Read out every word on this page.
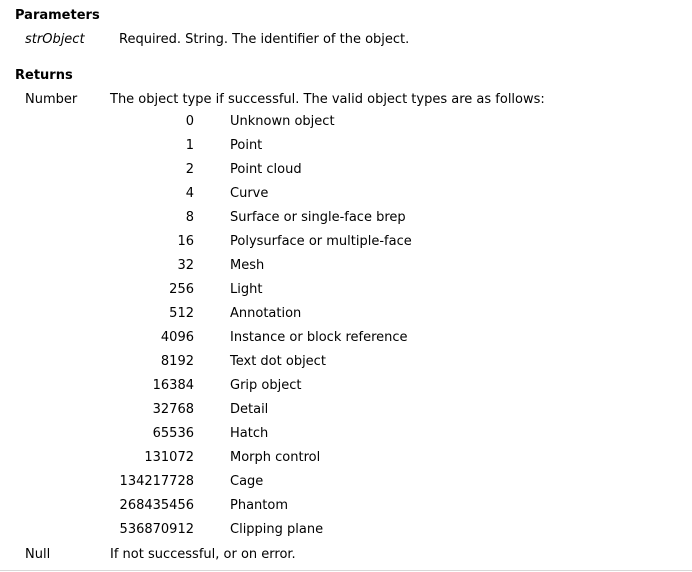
Parameters
strObject	Required. String. The identifier of the object.
Returns
Number	The object type if successful. The valid object types are as follows:
0	Unknown object
1	Point
2	Point cloud
4	Curve
8	Surface or single-face brep
16	Polysurface or multiple-face
32	Mesh
256	Light
512	Annotation
4096	Instance or block reference
8192	Text dot object
16384	Grip object
32768	Detail
65536	Hatch
131072	Morph control
134217728	Cage
268435456	Phantom
536870912	Clipping plane
Null	If not successful, or on error.
